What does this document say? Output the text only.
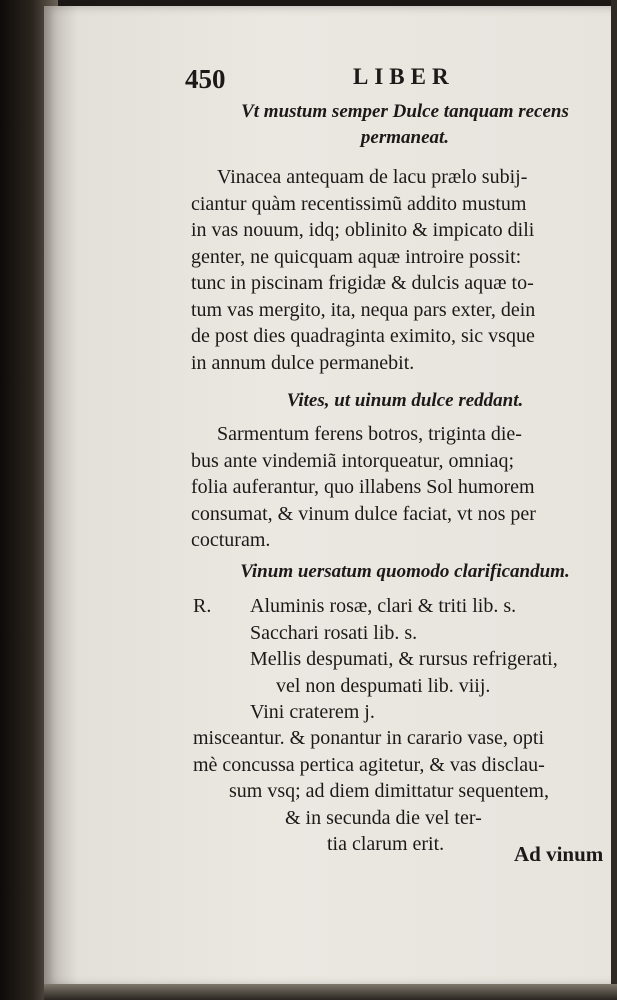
450	LIBER
Vt mustum semper Dulce tanquam recens
permaneat.
Vinacea antequam de lacu prælo subij-
ciantur quàm recentissimũ addito mustum
in vas nouum, idq; oblinito & impicato dili
genter, ne quicquam aquæ introire possit:
tunc in piscinam frigidæ & dulcis aquæ to-
tum vas mergito, ita, nequa pars exter, dein
de post dies quadraginta eximito, sic vsque
in annum dulce permanebit.
Vites, ut uinum dulce reddant.
Sarmentum ferens botros, triginta die-
bus ante vindemiã intorqueatur, omniaq;
folia auferantur, quo illabens Sol humorem
consumat, & vinum dulce faciat, vt nos per
cocturam.
Vinum uersatum quomodo clarificandum.
R. Aluminis rosæ, clari & triti lib. s.
Sacchari rosati lib. s.
Mellis despumati, & rursus refrigerati,
vel non despumati lib. viij.
Vini craterem j.
misceantur. & ponantur in carario vase, opti
mè concussa pertica agitetur, & vas disclau-
sum vsq; ad diem dimittatur sequentem,
& in secunda die vel ter-
tia clarum erit.	Ad vinum
